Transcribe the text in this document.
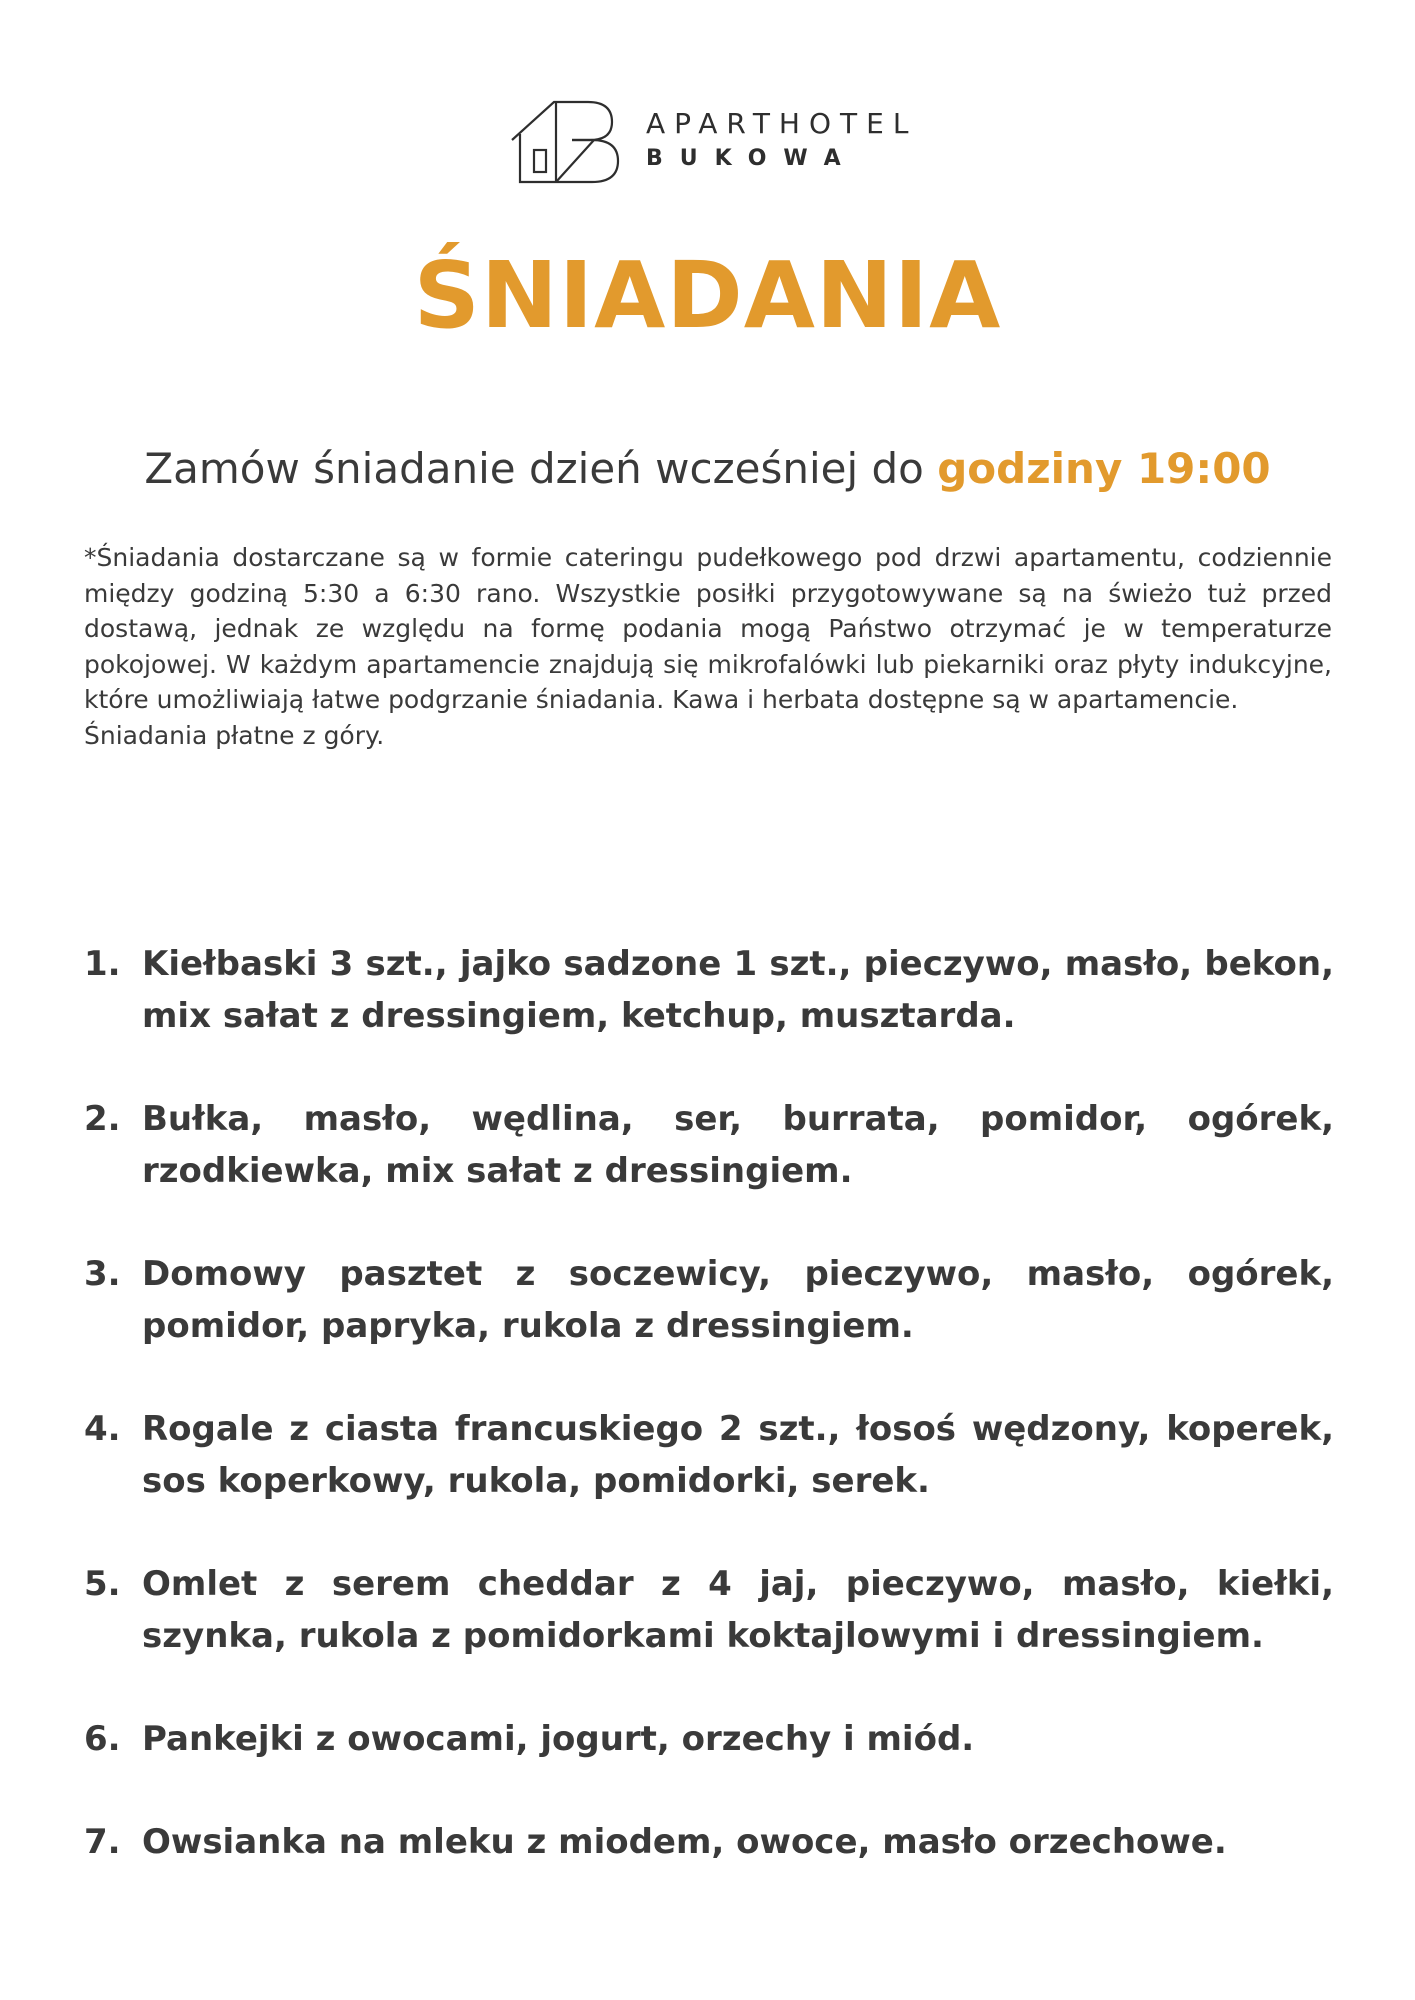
APARTHOTEL
BUKOWA
ŚNIADANIA
Zamów śniadanie dzień wcześniej do godziny 19:00

*Śniadania dostarczane są w formie cateringu pudełkowego pod drzwi apartamentu, codziennie między godziną 5:30 a 6:30 rano. Wszystkie posiłki przygotowywane są na świeżo tuż przed dostawą, jednak ze względu na formę podania mogą Państwo otrzymać je w temperaturze pokojowej. W każdym apartamencie znajdują się mikrofalówki lub piekarniki oraz płyty indukcyjne, które umożliwiają łatwe podgrzanie śniadania. Kawa i herbata dostępne są w apartamencie.

Śniadania płatne z góry.

1. Kiełbaski 3 szt., jajko sadzone 1 szt., pieczywo, masło, bekon, mix sałat z dressingiem, ketchup, musztarda.
2. Bułka, masło, wędlina, ser, burrata, pomidor, ogórek, rzodkiewka, mix sałat z dressingiem.
3. Domowy pasztet z soczewicy, pieczywo, masło, ogórek, pomidor, papryka, rukola z dressingiem.
4. Rogale z ciasta francuskiego 2 szt., łosoś wędzony, koperek, sos koperkowy, rukola, pomidorki, serek.
5. Omlet z serem cheddar z 4 jaj, pieczywo, masło, kiełki, szynka, rukola z pomidorkami koktajlowymi i dressingiem.
6. Pankejki z owocami, jogurt, orzechy i miód.
7. Owsianka na mleku z miodem, owoce, masło orzechowe.
